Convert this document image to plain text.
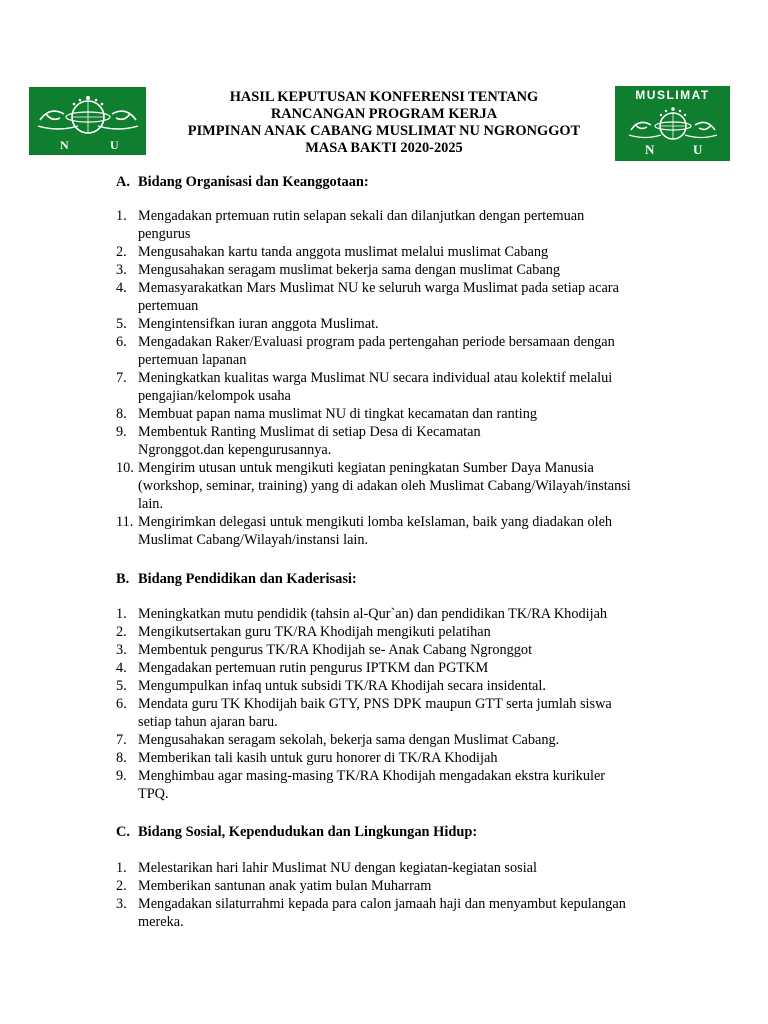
N	U
MUSLIMAT
N	U
HASIL KEPUTUSAN KONFERENSI TENTANG
RANCANGAN PROGRAM KERJA
PIMPINAN ANAK CABANG MUSLIMAT NU NGRONGGOT
MASA BAKTI 2020-2025
A. Bidang Organisasi dan Keanggotaan:
1. Mengadakan prtemuan rutin selapan sekali dan dilanjutkan dengan pertemuan
pengurus
2. Mengusahakan kartu tanda anggota muslimat melalui muslimat Cabang
3. Mengusahakan seragam muslimat bekerja sama dengan muslimat Cabang
4. Memasyarakatkan Mars Muslimat NU ke seluruh warga Muslimat pada setiap acara
pertemuan
5. Mengintensifkan iuran anggota Muslimat.
6. Mengadakan Raker/Evaluasi program pada pertengahan periode bersamaan dengan
pertemuan lapanan
7. Meningkatkan kualitas warga Muslimat NU secara individual atau kolektif melalui
pengajian/kelompok usaha
8. Membuat papan nama muslimat NU di tingkat kecamatan dan ranting
9. Membentuk Ranting Muslimat di setiap Desa di Kecamatan
Ngronggot.dan kepengurusannya.
10. Mengirim utusan untuk mengikuti kegiatan peningkatan Sumber Daya Manusia
(workshop, seminar, training) yang di adakan oleh Muslimat Cabang/Wilayah/instansi
lain.
11. Mengirimkan delegasi untuk mengikuti lomba keIslaman, baik yang diadakan oleh
Muslimat Cabang/Wilayah/instansi lain.
B. Bidang Pendidikan dan Kaderisasi:
1. Meningkatkan mutu pendidik (tahsin al-Qur`an) dan pendidikan TK/RA Khodijah
2. Mengikutsertakan guru TK/RA Khodijah mengikuti pelatihan
3. Membentuk pengurus TK/RA Khodijah se- Anak Cabang Ngronggot
4. Mengadakan pertemuan rutin pengurus IPTKM dan PGTKM
5. Mengumpulkan infaq untuk subsidi TK/RA Khodijah secara insidental.
6. Mendata guru TK Khodijah baik GTY, PNS DPK maupun GTT serta jumlah siswa
setiap tahun ajaran baru.
7. Mengusahakan seragam sekolah, bekerja sama dengan Muslimat Cabang.
8. Memberikan tali kasih untuk guru honorer di TK/RA Khodijah
9. Menghimbau agar masing-masing TK/RA Khodijah mengadakan ekstra kurikuler
TPQ.
C. Bidang Sosial, Kependudukan dan Lingkungan Hidup:
1. Melestarikan hari lahir Muslimat NU dengan kegiatan-kegiatan sosial
2. Memberikan santunan anak yatim bulan Muharram
3. Mengadakan silaturrahmi kepada para calon jamaah haji dan menyambut kepulangan
mereka.
